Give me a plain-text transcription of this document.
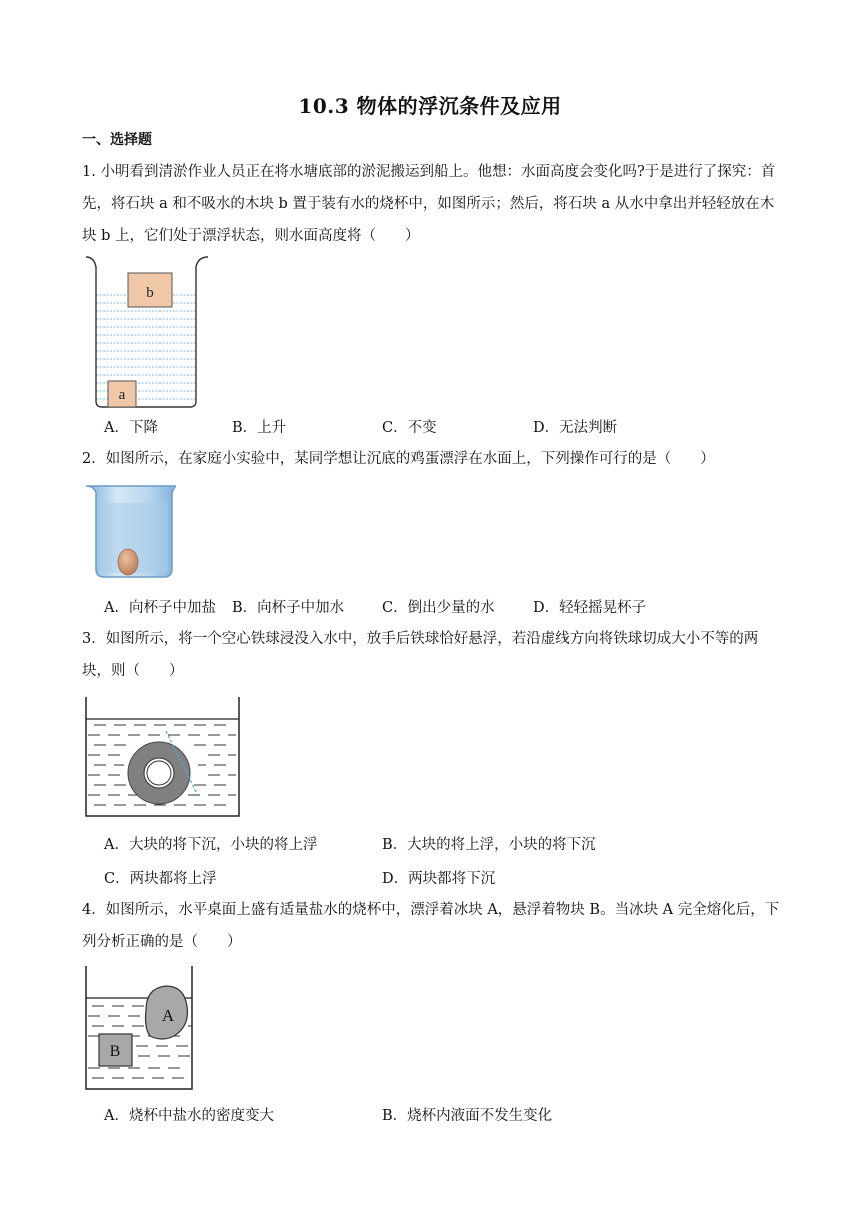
10.3 物体的浮沉条件及应用
一、选择题
1. 小明看到清淤作业人员正在将水塘底部的淤泥搬运到船上。他想：水面高度会变化吗?于是进行了探究：首先，将石块 a 和不吸水的木块 b 置于装有水的烧杯中，如图所示；然后，将石块 a 从水中拿出并轻轻放在木块 b 上，它们处于漂浮状态，则水面高度将（　　）
b
a
A．下降	B．上升	C．不变	D．无法判断
2．如图所示，在家庭小实验中，某同学想让沉底的鸡蛋漂浮在水面上，下列操作可行的是（　　）
A．向杯子中加盐 B．向杯子中加水	C．倒出少量的水	D．轻轻摇晃杯子
3．如图所示，将一个空心铁球浸没入水中，放手后铁球恰好悬浮，若沿虚线方向将铁球切成大小不等的两块，则（　　）
A．大块的将下沉，小块的将上浮	B．大块的将上浮，小块的将下沉
C．两块都将上浮	D．两块都将下沉
4．如图所示，水平桌面上盛有适量盐水的烧杯中，漂浮着冰块 A，悬浮着物块 B。当冰块 A 完全熔化后，下列分析正确的是（　　）
A
B
A．烧杯中盐水的密度变大	B．烧杯内液面不发生变化
